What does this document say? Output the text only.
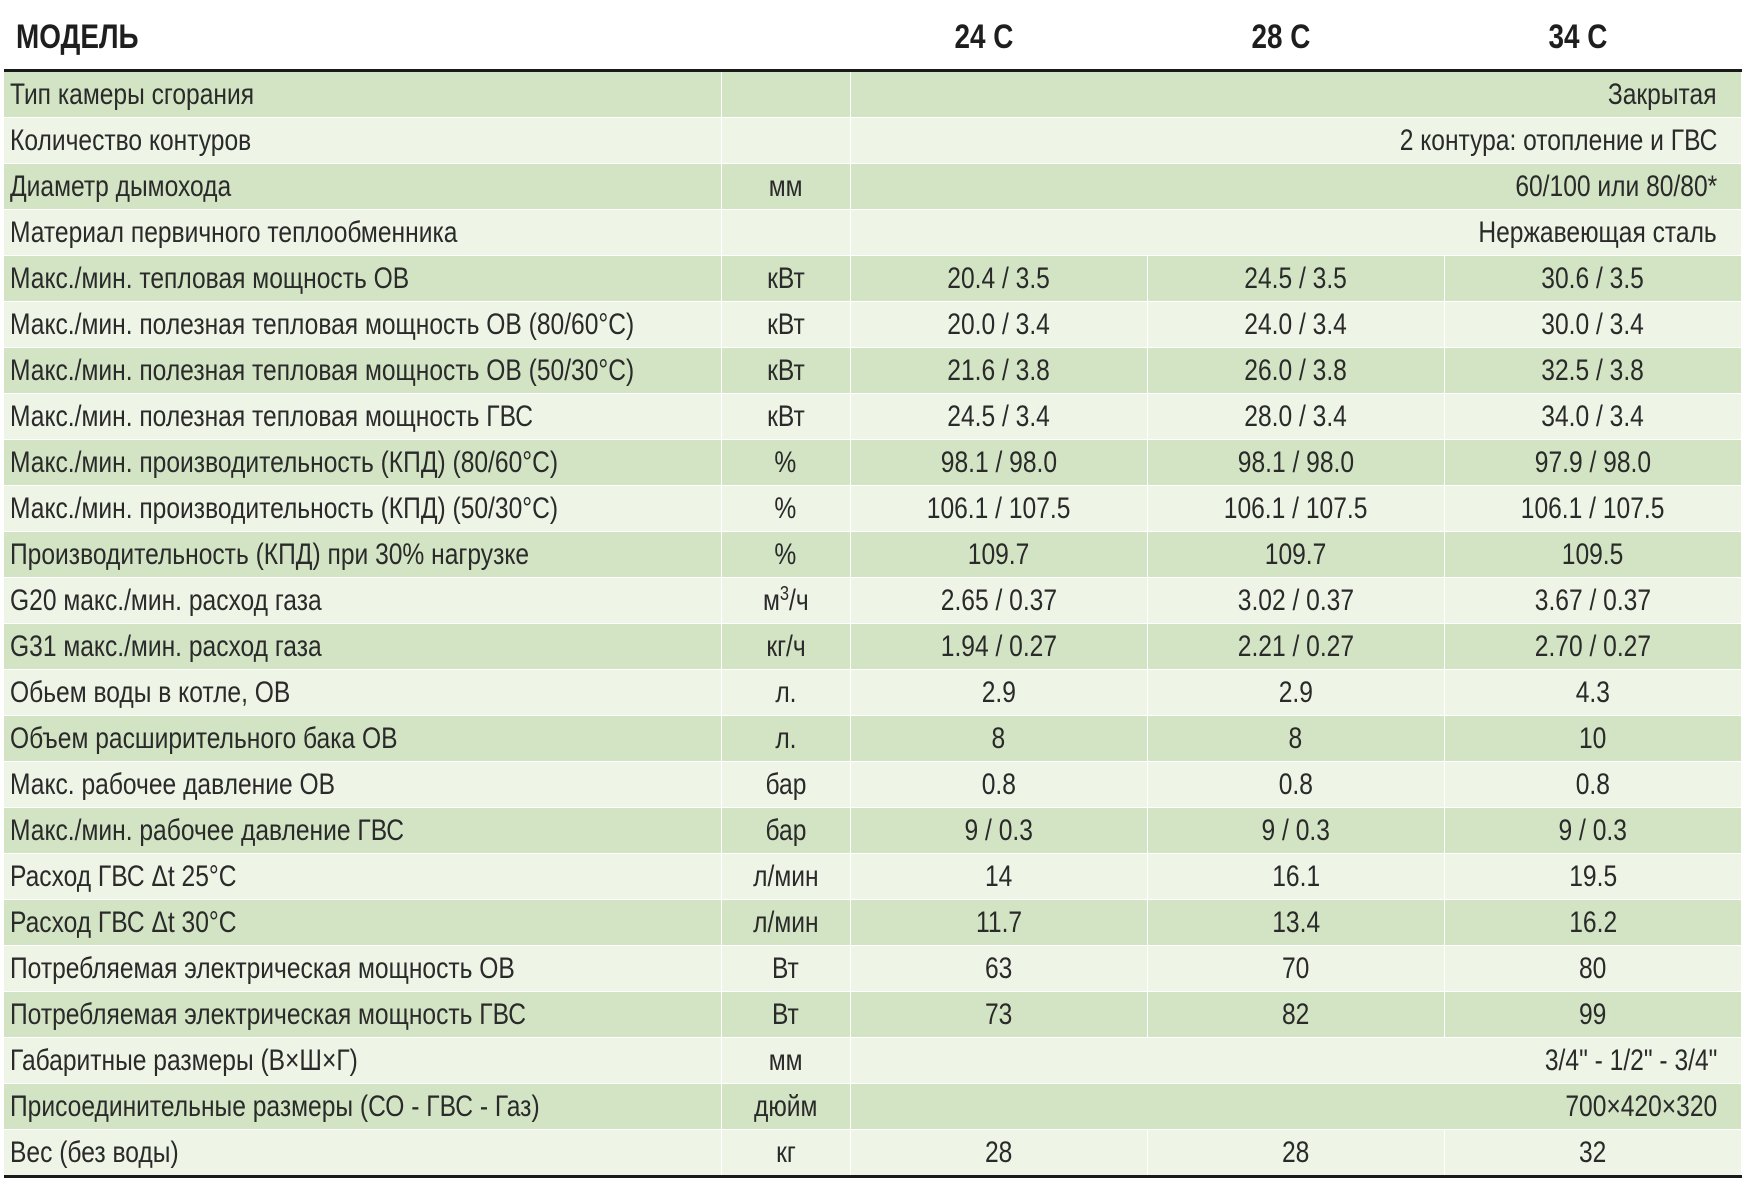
МОДЕЛЬ	24 С	28 С	34 С
Тип камеры сгорания		Закрытая		
Количество контуров		2 контура: отопление и ГВС		
Диаметр дымохода	мм	60/100 или 80/80*		
Материал первичного теплообменника		Нержавеющая сталь		
Макс./мин. тепловая мощность ОВ	кВт	20.4 / 3.5	24.5 / 3.5	30.6 / 3.5
Макс./мин. полезная тепловая мощность ОВ (80/60°С)	кВт	20.0 / 3.4	24.0 / 3.4	30.0 / 3.4
Макс./мин. полезная тепловая мощность ОВ (50/30°С)	кВт	21.6 / 3.8	26.0 / 3.8	32.5 / 3.8
Макс./мин. полезная тепловая мощность ГВС	кВт	24.5 / 3.4	28.0 / 3.4	34.0 / 3.4
Макс./мин. производительность (КПД) (80/60°С)	%	98.1 / 98.0	98.1 / 98.0	97.9 / 98.0
Макс./мин. производительность (КПД) (50/30°С)	%	106.1 / 107.5	106.1 / 107.5	106.1 / 107.5
Производительность (КПД) при 30% нагрузке	%	109.7	109.7	109.5
G20 макс./мин. расход газа	$м^3/ч$	2.65 / 0.37	3.02 / 0.37	3.67 / 0.37
G31 макс./мин. расход газа	кг/ч	1.94 / 0.27	2.21 / 0.27	2.70 / 0.27
Обьем воды в котле, ОВ	л.	2.9	2.9	4.3
Объем расширительного бака ОВ	л.	8	8	10
Макс. рабочее давление ОВ	бар	0.8	0.8	0.8
Макс./мин. рабочее давление ГВС	бар	9 / 0.3	9 / 0.3	9 / 0.3
Расход ГВС Δt 25°С	л/мин	14	16.1	19.5
Расход ГВС Δt 30°С	л/мин	11.7	13.4	16.2
Потребляемая электрическая мощность ОВ	Вт	63	70	80
Потребляемая электрическая мощность ГВС	Вт	73	82	99
Габаритные размеры (В×Ш×Г)	мм	3/4" - 1/2" - 3/4"		
Присоединительные размеры (СО - ГВС - Газ)	дюйм	700×420×320		
Вес (без воды)	кг	28	28	32
